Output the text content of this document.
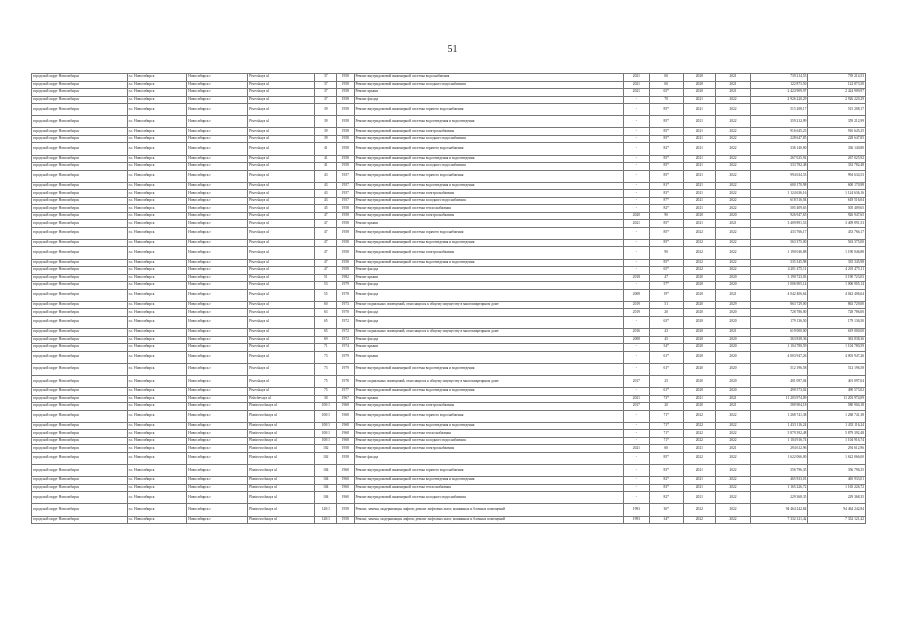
51
городской округ Новосибирск	г.о. Новосибирск	Новосибирск г	Písovskaya ul	37	1958	Ремонт внутридомовой инженерной системы водоснабжения	2021	60	2020	2021	739 214,53	739 214,53
городской округ Новосибирск	г.о. Новосибирск	Новосибирск г	Písovskaya ul	37	1958	Ремонт внутридомовой инженерной системы холодного водоснабжения	2021	60	2020	2021	122 873,50	122 873,50
городской округ Новосибирск	г.о. Новосибирск	Новосибирск г	Písovskaya ul	37	1958	Ремонт крыши	2021	65*	2020	2021	2 424 909,97	2 424 909,97
городской округ Новосибирск	г.о. Новосибирск	Новосибирск г	Písovskaya ul	37	1958	Ремонт фасада	-	70	2021	2022	2 926 220,29	2 926 220,29
городской округ Новосибирск	г.о. Новосибирск	Новосибирск г	Písovskaya ul	39	1958	Ремонт внутридомовой инженерной системы горячего водоснабжения	-	85*	2021	2022	515 208,17	515 208,17
городской округ Новосибирск	г.о. Новосибирск	Новосибирск г	Písovskaya ul	39	1958	Ремонт внутридомовой инженерной системы водоотведения и водоотведения	-	85*	2021	2022	359 212,99	359 212,99
городской округ Новосибирск	г.о. Новосибирск	Новосибирск г	Písovskaya ul	39	1958	Ремонт внутридомовой инженерной системы электроснабжения	-	85*	2021	2022	916 645,25	916 645,25
городской округ Новосибирск	г.о. Новосибирск	Новосибирск г	Písovskaya ul	39	1958	Ремонт внутридомовой инженерной системы холодного водоснабжения	-	85*	2021	2022	228 647,85	228 647,85
городской округ Новосибирск	г.о. Новосибирск	Новосибирск г	Písovskaya ul	41	1958	Ремонт внутридомовой инженерной системы горячего водоснабжения	-	82*	2021	2022	336 140,80	336 140,80
городской округ Новосибирск	г.о. Новосибирск	Новосибирск г	Písovskaya ul	41	1958	Ремонт внутридомовой инженерной системы водоотведения и водоотведения	-	85*	2021	2022	267 025,92	267 025,92
городской округ Новосибирск	г.о. Новосибирск	Новосибирск г	Písovskaya ul	41	1958	Ремонт внутридомовой инженерной системы холодного водоснабжения	-	85*	2021	2022	333 782,48	333 782,48
городской округ Новосибирск	г.о. Новосибирск	Новосибирск г	Písovskaya ul	43	1957	Ремонт внутридомовой инженерной системы горячего водоснабжения	-	85*	2021	2022	994 634,53	994 634,53
городской округ Новосибирск	г.о. Новосибирск	Новосибирск г	Písovskaya ul	43	1957	Ремонт внутридомовой инженерной системы водоотведения и водоотведения	-	81*	2021	2022	600 170,98	600 170,98
городской округ Новосибирск	г.о. Новосибирск	Новосибирск г	Písovskaya ul	43	1957	Ремонт внутридомовой инженерной системы электроснабжения	-	83*	2021	2022	1 124 636,16	1 124 636,16
городской округ Новосибирск	г.о. Новосибирск	Новосибирск г	Písovskaya ul	43	1957	Ремонт внутридомовой инженерной системы холодного водоснабжения	-	87*	2021	2022	618 516,04	618 516,04
городской округ Новосибирск	г.о. Новосибирск	Новосибирск г	Písovskaya ul	45	1958	Ремонт внутридомовой инженерной системы теплоснабжения	-	82*	2021	2022	505 409,65	505 409,65
городской округ Новосибирск	г.о. Новосибирск	Новосибирск г	Písovskaya ul	47	1958	Ремонт внутридомовой инженерной системы электроснабжения	2020	90	2020	2020	926 947,65	926 947,65
городской округ Новосибирск	г.о. Новосибирск	Новосибирск г	Písovskaya ul	47	1958	Ремонт крыши	2021	85*	2021	2021	3 409 891,53	3 409 891,53
городской округ Новосибирск	г.о. Новосибирск	Новосибирск г	Písovskaya ul	47	1958	Ремонт внутридомовой инженерной системы горячего водоснабжения	-	85*	2022	2022	433 766,17	433 766,17
городской округ Новосибирск	г.о. Новосибирск	Новосибирск г	Písovskaya ul	47	1958	Ремонт внутридомовой инженерной системы водоотведения и водоотведения	-	85*	2022	2022	563 375,00	563 375,00
городской округ Новосибирск	г.о. Новосибирск	Новосибирск г	Písovskaya ul	47	1958	Ремонт внутридомовой инженерной системы электроснабжения	-	90	2022	2022	1 190 046,88	1 190 046,88
городской округ Новосибирск	г.о. Новосибирск	Новосибирск г	Písovskaya ul	47	1958	Ремонт внутридомовой инженерной системы водоотведения и водоотведения	-	85*	2022	2022	335 345,98	335 345,98
городской округ Новосибирск	г.о. Новосибирск	Новосибирск г	Písovskaya ul	47	1958	Ремонт фасада	-	65*	2022	2022	4 201 475,11	4 201 475,11
городской округ Новосибирск	г.о. Новосибирск	Новосибирск г	Písovskaya ul	51	1982	Ремонт крыши	2018	47	2020	2020	3 190 723,03	3 190 723,03
городской округ Новосибирск	г.о. Новосибирск	Новосибирск г	Písovskaya ul	53	1979	Ремонт фасада	-	57*	2020	2020	1 006 905,14	1 006 905,14
городской округ Новосибирск	г.о. Новосибирск	Новосибирск г	Písovskaya ul	55	1978	Ремонт фасада	2008	19*	2020	2021	4 042 406,64	4 042 406,64
городской округ Новосибирск	г.о. Новосибирск	Новосибирск г	Písovskaya ul	60	1973	Ремонт подвальных помещений, относящихся к общему имуществу в многоквартирном доме	2019	51	2020	2029	863 729,00	863 729,00
городской округ Новосибирск	г.о. Новосибирск	Новосибирск г	Písovskaya ul	63	1970	Ремонт фасада	2019	20	2020	2020	728 786,00	728 786,00
городской округ Новосибирск	г.о. Новосибирск	Новосибирск г	Písovskaya ul	65	1972	Ремонт фасада	-	63*	2020	2020	179 136,50	179 136,50
городской округ Новосибирск	г.о. Новосибирск	Новосибирск г	Písovskaya ul	65	1972	Ремонт подвальных помещений, относящихся к общему имуществу в многоквартирном доме	2016	43	2020	2021	619 000,00	619 000,00
городской округ Новосибирск	г.о. Новосибирск	Новосибирск г	Písovskaya ul	69	1972	Ремонт фасада	2008	45	2020	2020	363 838,36	363 838,36
городской округ Новосибирск	г.о. Новосибирск	Новосибирск г	Písovskaya ul	71	1974	Ремонт крыши	-	54*	2020	2020	1 104 780,59	1 104 780,59
городской округ Новосибирск	г.о. Новосибирск	Новосибирск г	Písovskaya ul	73	1979	Ремонт крыши	-	61*	2020	2020	4 003 947,26	4 003 947,26
городской округ Новосибирск	г.о. Новосибирск	Новосибирск г	Písovskaya ul	73	1979	Ремонт внутридомовой инженерной системы водоотведения и водоотведения	-	61*	2020	2020	512 196,58	512 196,58
городской округ Новосибирск	г.о. Новосибирск	Новосибирск г	Písovskaya ul	75	1978	Ремонт подвальных помещений, относящихся к общему имуществу в многоквартирном доме	2017	25	2020	2020	401 097,04	401 097,04
городской округ Новосибирск	г.о. Новосибирск	Новосибирск г	Písovskaya ul	75	1977	Ремонт внутридомовой инженерной системы водоотведения и водоотведения	-	61*	2020	2020	490 573,02	490 573,02
городской округ Новосибирск	г.о. Новосибирск	Новосибирск г	Pishchevaya ul	30	1967	Ремонт крыши	2021	73*	2021	2021	11 203 974,09	11 203 974,09
городской округ Новосибирск	г.о. Новосибирск	Новосибирск г	Planirovochnaya ul	100/1	1968	Ремонт внутридомовой инженерной системы электроснабжения	2017	20	2020	2021	580 904,18	580 904,18
городской округ Новосибирск	г.о. Новосибирск	Новосибирск г	Planirovochnaya ul	100/1	1968	Ремонт внутридомовой инженерной системы горячего водоснабжения	-	71*	2022	2022	1 268 741,38	1 268 741,38
городской округ Новосибирск	г.о. Новосибирск	Новосибирск г	Planirovochnaya ul	100/1	1968	Ремонт внутридомовой инженерной системы водоотведения и водоотведения	-	71*	2022	2022	1 433 116,24	1 433 116,24
городской округ Новосибирск	г.о. Новосибирск	Новосибирск г	Planirovochnaya ul	100/1	1968	Ремонт внутридомовой инженерной системы теплоснабжения	-	71*	2022	2022	5 879 392,48	5 879 392,48
городской округ Новосибирск	г.о. Новосибирск	Новосибирск г	Planirovochnaya ul	100/1	1968	Ремонт внутридомовой инженерной системы холодного водоснабжения	-	71*	2022	2022	1 104 916,74	1 104 916,74
городской округ Новосибирск	г.о. Новосибирск	Новосибирск г	Planirovochnaya ul	102	1958	Ремонт внутридомовой инженерной системы электроснабжения	2021	60	2021	2021	294 612,96	294 612,96
городской округ Новосибирск	г.о. Новосибирск	Новосибирск г	Planirovochnaya ul	102	1958	Ремонт фасада	-	85*	2022	2022	1 622 066,00	1 622 066,00
городской округ Новосибирск	г.о. Новосибирск	Новосибирск г	Planirovochnaya ul	104	1960	Ремонт внутридомовой инженерной системы горячего водоснабжения	-	83*	2021	2022	356 796,35	356 796,35
городской округ Новосибирск	г.о. Новосибирск	Новосибирск г	Planirovochnaya ul	104	1960	Ремонт внутридомовой инженерной системы водоотведения и водоотведения	-	82*	2021	2022	465 933,01	465 933,01
городской округ Новосибирск	г.о. Новосибирск	Новосибирск г	Planirovochnaya ul	104	1960	Ремонт внутридомовой инженерной системы теплоснабжения	-	83*	2021	2022	1 165 226,72	1 165 226,72
городской округ Новосибирск	г.о. Новосибирск	Новосибирск г	Planirovochnaya ul	104	1960	Ремонт внутридомовой инженерной системы холодного водоснабжения	-	82*	2021	2022	229 368,35	229 368,35
городской округ Новосибирск	г.о. Новосибирск	Новосибирск г	Planirovochnaya ul	120/1	1958	Ремонт, замена, модернизация лифтов, ремонт лифтовых шахт, машинных и блочных помещений	1993	36*	2022	2022	94 464 242,84	94 464 242,84
городской округ Новосибирск	г.о. Новосибирск	Новосибирск г	Planirovochnaya ul	120/1	1958	Ремонт, замена, модернизация лифтов, ремонт лифтовых шахт, машинных и блочных помещений	1993	34*	2022	2022	7 332 121,42	7 332 121,42
